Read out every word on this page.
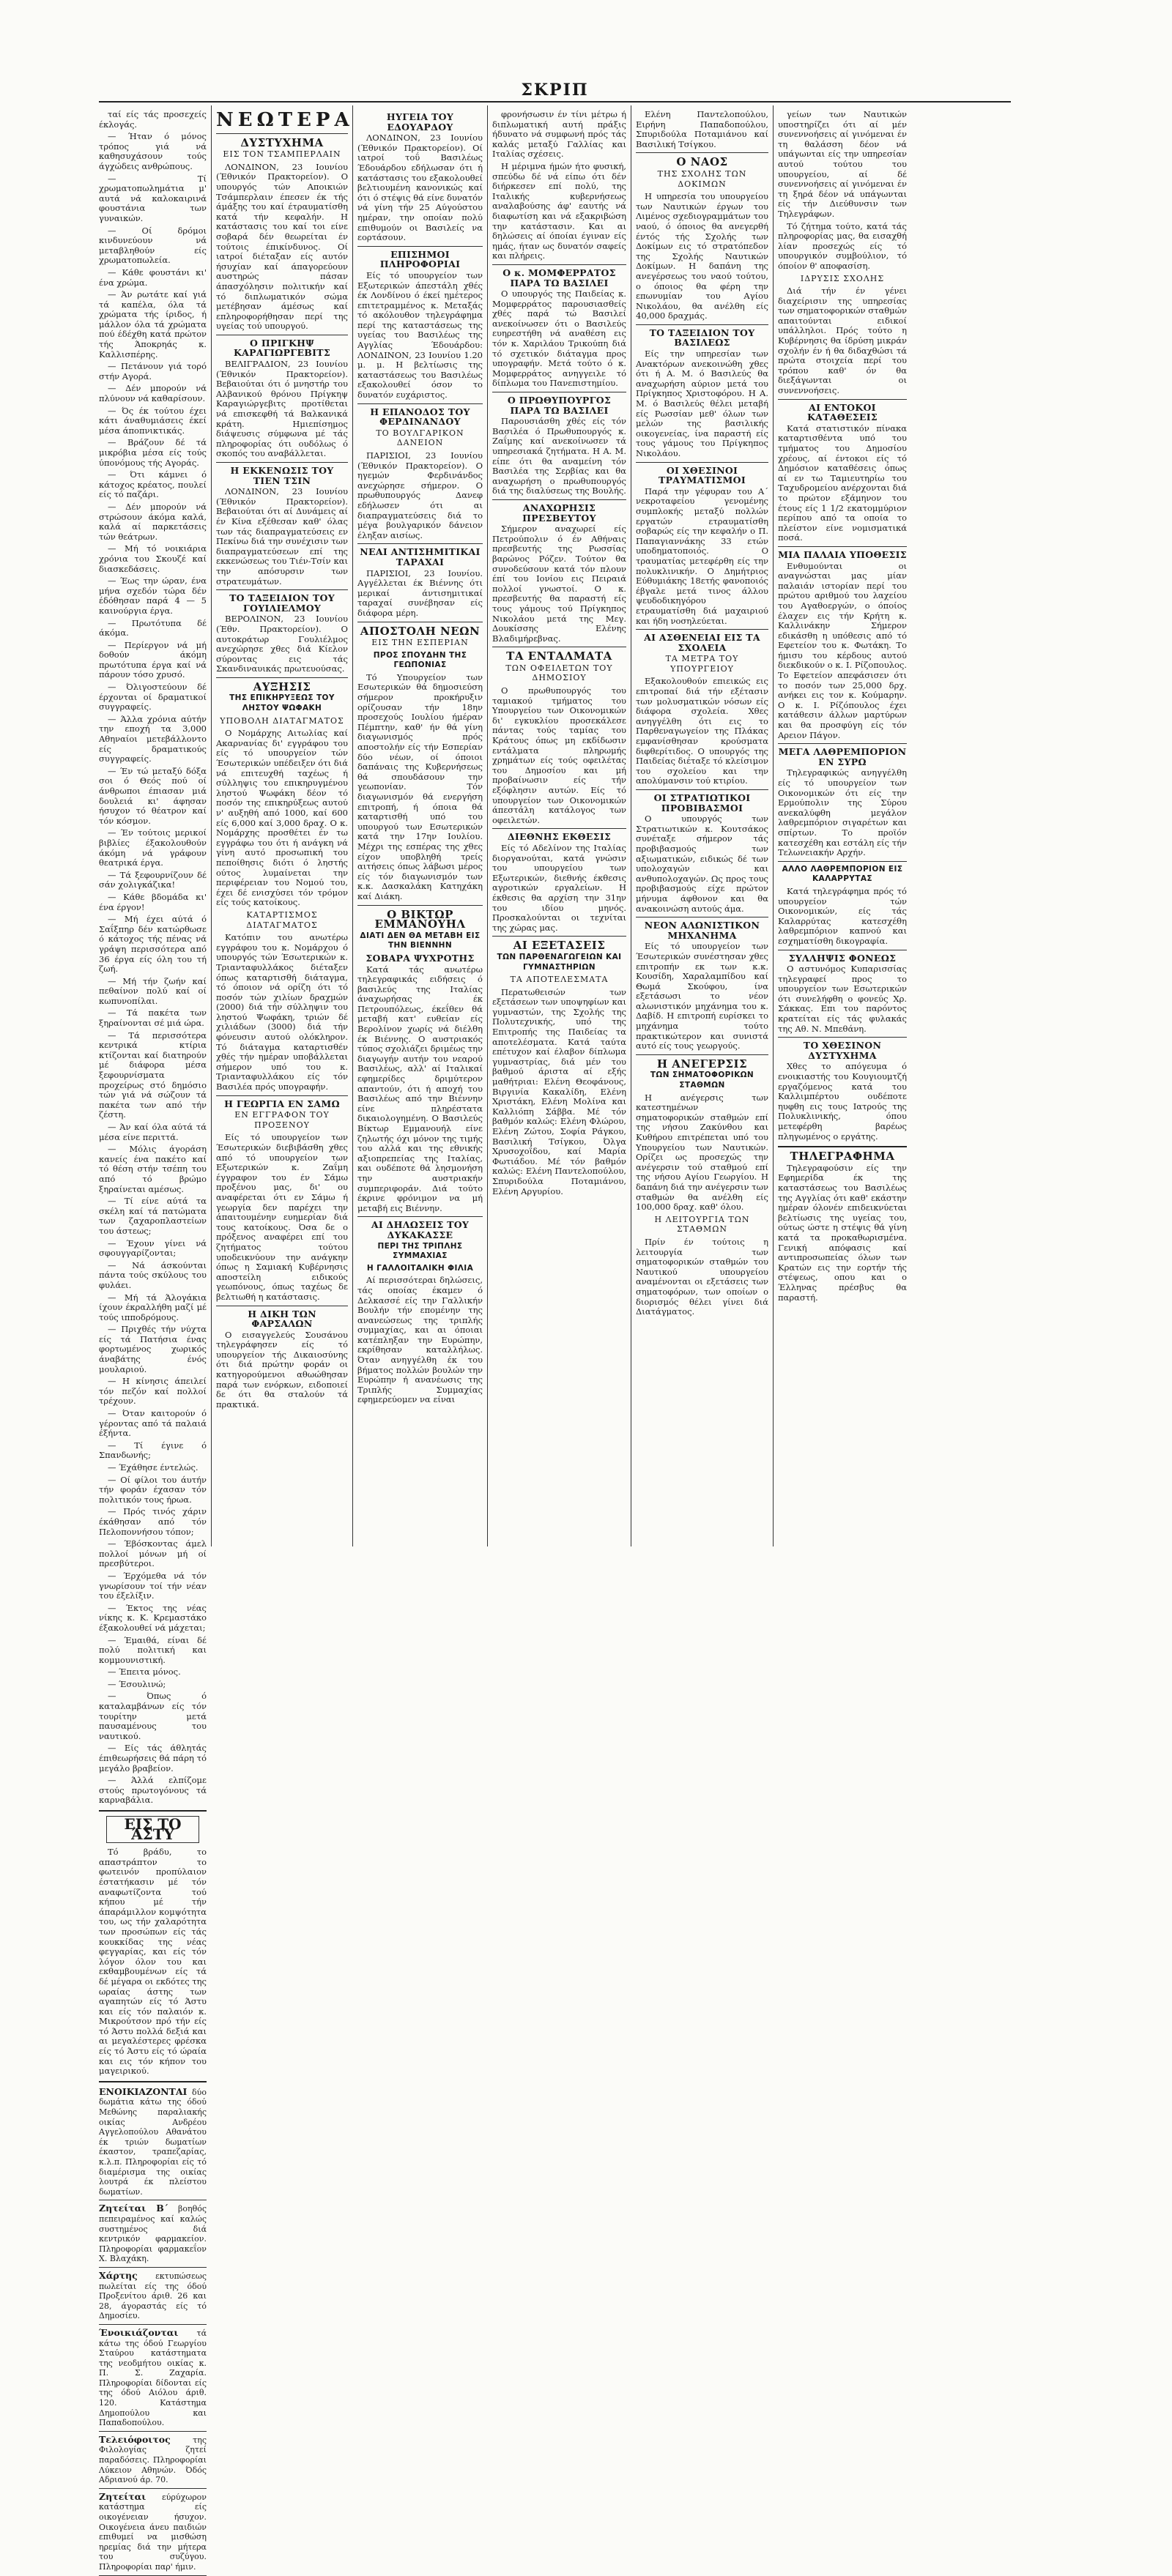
ΣΚΡΙΠ

ταί είς τάς προσεχείς έκλογάς.

— Ήταν ό μόνος τρόπος γιά νά καθησυχάσουν τούς άγχώδεις ανθρώπους.

— Τί χρωματοπωλημάτια μ' αυτά νά καλοκαιρινά φουστάνια των γυναικών.

— Οί δρόμοι κινδυνεύουν νά μεταβληθούν είς χρωματοπωλεία.

— Κάθε φουστάνι κι' ένα χρώμα.

— Άν ρωτάτε καί γιά τά καπέλα, όλα τά χρώματα τής ίριδος, ή μάλλον όλα τά χρώματα πού έδέχθη κατά πρώτον τής Άποκρηάς κ. Καλλισπέρης.

— Πετάνουν γιά τορό στήν Αγορά.

— Δέν μπορούν νά πλύνουν νά καθαρίσουν.

— Ός έκ τούτου έχει κάτι άναθυμιάσεις έκεί μέσα άποπνικτικάς.

— Βράζουν δέ τά μικρόβια μέσα είς τούς ύπονόμους τής Αγοράς.

— Ότι κάμνει ό κάτοχος κρέατος, πουλεί είς τό παζάρι.

— Δέν μπορούν νά στρώσουν άκόμα καλά, καλά αί παρκετάσεις τών θεάτρων.

— Μή τό νοικιάρια χρόνια του Σκουζέ καί διασκεδάσεις.

— Έως την ώραν, ένα μήνα σχεδόν τώρα δέν έδόθησαν παρά 4 — 5 καινούργια έργα.

— Πρωτότυπα δέ άκόμα.

— Περίεργον νά μή δοθούν άκόμη πρωτότυπα έργα καί νά πάρουν τόσο χρυσό.

— Όλιγοστεύουν δέ έρχονται οί δραματικοί συγγραφείς.

— Άλλα χρόνια αύτήν την εποχή τα 3,000 Αθηναίοι μετεβάλλοντο είς δραματικούς συγγραφείς.

— Έν τώ μεταξύ δόξα σοι ό Θεός πού οί άνθρωποι έπιασαν μιά δουλειά κι' άφησαν ήσυχον τό θέατρον καί τόν κόσμον.

— Έν τούτοις μερικοί βιβλίες έξακολουθούν άκόμη νά γράφουν θεατρικά έργα.

— Τά ξεφουρνίζουν δέ σάν χολιγκάζικα!

— Κάθε βδομάδα κι' ένα έργον!

— Μή έχει αύτά ό Σαΐξπηρ δέν κατώρθωσε ό κάτοχος τής πένας νά γράψη περισσότερα από 36 έργα είς όλη του τή ζωή.

— Μή τήν ζωήν καί πεθαίνον πολύ καί οί κωπυνοπίλαι.

— Τά πακέτα των ξηραίνονται σέ μιά ώρα.

— Τά περισσότερα κεντρικά κτίρια κτίζονται καί διατηρούν μέ διάφορα μέσα ξεφουρνίσματα προχείρως στό δημόσιο τών γιά νά σώζουν τά πακέτα των από τήν ζέστη.

— Άν καί όλα αύτά τά μέσα είνε περιττά.

— Μόλις άγοράση κανείς ένα πακέτο καί τό θέση στήν τσέπη του από τό βρώμο ξηραίνεται αμέσως.

— Τί είνε αύτά τα σκέλη καί τά πατώματα των ζαχαροπλαστείων του άστεως;

— Έχουν γίνει νά σφουγγαρίζονται;

— Νά άσκούνται πάντα τούς σκύλους του φυλάει.

— Μή τά Άλογάκια ίχουν έκραλλήθη μαζί μέ τούς ιπποδρόμους.

— Πριχθές τήν νύχτα είς τά Πατήσια ένας φορτωμένος χωρικός άναβάτης ένός μουλαριού.

— Η κίνησις άπειλεί τόν πεζόν καί πολλοί τρέχουν.

— Όταν καιτορούν ό γέροντας από τά παλαιά έξήντα.

— Τί έγινε ό Σπανδωνής;

— Έχάθησε έντελώς.

— Οί φίλοι του άυτήν τήν φοράν έχασαν τόν πολιτικόν τους ήρωα.

— Πρός τινός χάριν έκάθησαν από τόν Πελοποννήσου τόπον;

— Έβόσκοντας άμελ πολλοί μόνων μή οί πρεσβύτεροι.

— Έρχόμεθα νά τόν γνωρίσουν τοί τήν νέαν του έξελίξιν.

— Έκτος της νέας νίκης κ. Κ. Κρεμαστάκο έξακολουθεί νά μάχεται;

— Έμαιθά, είναι δέ πολύ πολιτική και κομμουνιστική.

— Έπειτα μόνος.

— Έσουλινώ;

— Όπως ό καταλαμβάνων είς τόν τουρίτην μετά παυσαμένους του ναυτικού.

— Είς τάς άθλητάς έπιθεωρήσεις θά πάρη τό μεγάλο βραβείον.

— Άλλά ελπίζομε στούς πρωτογόνους τά καρναβάλια.

ΕΙΣ ΤΟ ΆΣΤΥ

Τό βράδυ, το απαστράπτον το φωτεινόν προπύλαιον έστατήκασιν μέ τόν αναφωτίζοντα τού κήπου μέ τήν άπαράμιλλον κομψότητα του, ως τήν χαλαρότητα των προσώπων είς τάς κουκκίδας της νέας φεγγαρίας, και είς τόν λόγον όλον του και εκθαμβουμένων είς τά δέ μέγαρα οι εκδότες της ωραίας άστης των αγαπητών είς τό Άστυ και είς τόν παλαιόν κ. Μικρούτσον πρό τήν είς τό Άστυ πολλά δεξιά και αι μεγαλέστερες φρέσκα είς τό Άστυ είς τό ώραία και εις τόν κήπον του μαγειρικού.

ΕΝΟΙΚΙΑΖΟΝΤΑΙ δύο δωμάτια κάτω της όδού Μεθώνης παραλιακής οικίας Ανδρέου Αγγελοπούλου Αθανάτου έκ τριών δωματίων έκαστον, τραπεζαρίας, κ.λ.π. Πληροφορίαι είς τό διαμέρισμα της οικίας λουτρά έκ πλείστου δωματίων.
Ζητείται Β΄ βοηθός πεπειραμένος καί καλώς συστημένος διά κεντρικόν φαρμακείον. Πληροφορίαι φαρμακεΐον Χ. Βλαχάκη.
Χάρτης εκτυπώσεως πωλείται είς της όδού Προξενίτου άριθ. 26 και 28, άγοραστάς είς τό Δημοσίευ.
Ένοικιάζονται τά κάτω της όδού Γεωργίου Σταύρου κατάστηματα της νεοδμήτου οικίας κ. Π. Σ. Ζαχαρία. Πληροφορίαι δίδονται είς της όδού Αιόλου άριθ. 120. Κατάστημα Δημοπούλου και Παπαδοπούλου.
Τελειόφοιτος της Φιλολογίας ζητεί παραδόσεις. Πληροφορίαι Λύκειον Αθηνών. Όδός Αδριανού άρ. 70.
Ζητείται εύρύχωρον κατάστημα είς οικογένειαν ήσυχον. Οικογένεια άνευ παιδιών επιθυμεί να μισθώση ηρεμίας διά την μήτερα του συζύγου. Πληροφορίαι παρ' ήμιν.
ΝΕΩΤΕΡΑ
ΔΥΣΤΥΧΗΜΑ
ΕΙΣ ΤΟΝ ΤΣΑΜΠΕΡΛΑΙΝ

ΛΟΝΔΙΝΟΝ, 23 Ιουνίου (Έθνικόν Πρακτορείον). Ο υπουργός τών Αποικιών Τσάμπερλαιν έπεσεν έκ τής άμάξης του καί έτραυματίσθη κατά τήν κεφαλήν. Η κατάστασις του καί τοι είνε σοβαρά δέν θεωρείται έν τούτοις έπικίνδυνος. Οί ιατροί διέταξαν είς αυτόν ήσυχίαν καί άπαγορεύουν αυστηρώς πάσαν άπασχόλησιν πολιτικήν καί τό διπλωματικόν σώμα μετέβησαν άμέσως καί επληροφορήθησαν περί της υγείας τού υπουργού.

Ο ΠΡΙΓΚΗΨ ΚΑΡΑΓΙΩΡΓΕΒΙΤΣ

ΒΕΛΙΓΡΑΔΙΟΝ, 23 Ιουνίου (Έθνικόν Πρακτορείον). Βεβαιούται ότι ό μνηστήρ του Αλβανικού θρόνου Πρίγκηψ Καραγιώργεβιτς προτίθεται νά επισκεφθή τά Βαλκανικά κράτη. Ημιεπίσημος διάψευσις σύμφωνα μέ τάς πληροφορίας ότι ουδόλως ό σκοπός του αναβάλλεται.

Η ΕΚΚΕΝΩΣΙΣ ΤΟΥ ΤΙΕΝ ΤΣΙΝ

ΛΟΝΔΙΝΟΝ, 23 Ιουνίου (Έθνικόν Πρακτορείον). Βεβαιούται ότι αί Δυνάμεις αί έν Κίνα εξέθεσαν καθ' όλας των τάς διαπραγματεύσεις εν Πεκίνω διά την συνέχισιν των διαπραγματεύσεων επί της εκκενώσεως του Τιέν-Τσίν και την απόσυρσιν των στρατευμάτων.

ΤΟ ΤΑΞΕΙΔΙΟΝ ΤΟΥ ΓΟΥΙΛΙΕΛΜΟΥ

ΒΕΡΟΛΙΝΟΝ, 23 Ιουνίου (Έθν. Πρακτορείον). Ο αυτοκράτωρ Γουλιέλμος ανεχώρησε χθες διά Κίελον σύροντας εις τάς Σκανδιναυικάς πρωτευούσας.

ΑΥΞΗΣΙΣ
ΤΗΣ ΕΠΙΚΗΡΥΞΕΩΣ ΤΟΥ ΛΗΣΤΟΥ ΨΩΦΑΚΗ
ΥΠΟΒΟΛΗ ΔΙΑΤΑΓΜΑΤΟΣ

Ο Νομάρχης Αιτωλίας καί Ακαρνανίας δι' εγγράφου του είς τό υπουργείον τών Έσωτερικών υπέδειξεν ότι διά νά επιτευχθή ταχέως ή σύλληψις του επικηρυγμένου ληστού Ψωφάκη δέον τό ποσόν της επικηρύξεως αυτού ν' αυξηθή από 1000, καί 600 είς 6,000 καί 3,000 δραχ. Ο κ. Νομάρχης προσθέτει έν τω εγγράφω του ότι ή ανάγκη νά γίνη αυτό προσωπική του πεποίθησις διότι ό ληστής ούτος λυμαίνεται την περιφέρειαν του Νομού του, έχει δέ ενισχύσει τόν τρόμον είς τούς κατοίκους.

ΚΑΤΑΡΤΙΣΜΟΣ ΔΙΑΤΑΓΜΑΤΟΣ

Κατόπιν του ανωτέρω εγγράφου του κ. Νομάρχου ό υπουργός τών Έσωτερικών κ. Τριανταφυλλάκος διέταξεν όπως καταρτισθή διάταγμα, τό όποιον νά ορίζη ότι τό ποσόν τών χιλίων δραχμών (2000) διά τήν σύλληψιν του ληστού Ψωφάκη, τριών δέ χιλιάδων (3000) διά τήν φόνευσιν αυτού ολόκληρον. Τό διάταγμα καταρτισθέν χθές τήν ημέραν υποβάλλεται σήμερον υπό του κ. Τριανταφυλλάκου είς τόν Βασιλέα πρός υπογραφήν.

Η ΓΕΩΡΓΙΑ ΕΝ ΣΑΜΩ
ΕΝ ΕΓΓΡΑΦΟΝ ΤΟΥ ΠΡΟΞΕΝΟΥ

Είς τό υπουργείον των Έσωτερικών διεβιβάσθη χθες από τό υπουργείον των Εξωτερικών κ. Ζαΐμη έγγραφον του έν Σάμω προξένου μας, δι' ου αναφέρεται ότι εν Σάμω ή γεωργία δεν παρέχει την άπαιτουμένην ευημερίαν διά τους κατοίκους. Όσα δε ο πρόξενος αναφέρει επί του ζητήματος τούτου υποδεικνύουν την ανάγκην όπως η Σαμιακή Κυβέρνησις αποστείλη ειδικούς γεωπόνους, όπως ταχέως δε βελτιωθή η κατάστασις.

Η ΔΙΚΗ ΤΩΝ ΦΑΡΣΑΛΩΝ

Ο εισαγγελεύς Σουσάνου τηλεγράφησεν είς τό υπουργείον τής Δικαιοσύνης ότι διά πρώτην φοράν οι κατηγορούμενοι αθωώθησαν παρά των ενόρκων, ειδοποιεί δε ότι θα σταλούν τά πρακτικά.

ΗΥΓΕΙΑ ΤΟΥ ΕΔΟΥΑΡΔΟΥ

ΛΟΝΔΙΝΟΝ, 23 Ιουνίου (Έθνικόν Πρακτορείον). Οί ιατροί τοΰ Βασιλέως Έδουάρδου εδήλωσαν ότι ή κατάστασις του εξακολουθεί βελτιουμένη κανονικώς καί ότι ό στέψις θά είνε δυνατόν νά γίνη τήν 25 Αύγούστου ημέραν, την οποίαν πολύ επιθυμούν οι Βασιλείς να εορτάσουν.

ΕΠΙΣΗΜΟΙ ΠΛΗΡΟΦΟΡΙΑΙ

Είς τό υπουργείον των Εξωτερικών άπεστάλη χθές έκ Λονδίνου ό έκεί ημέτερος επιτετραμμένος κ. Μεταξάς τό ακόλουθον τηλεγράφημα περί της καταστάσεως της υγείας του Βασιλέως της Αγγλίας Έδουάρδου: ΛΟΝΔΙΝΟΝ, 23 Ιουνίου 1.20 μ. μ. Η βελτίωσις της καταστάσεως του Βασιλέως εξακολουθεί όσον το δυνατόν ευχάριστος.

Η ΕΠΑΝΟΔΟΣ ΤΟΥ ΦΕΡΔΙΝΑΝΔΟΥ
ΤΟ ΒΟΥΛΓΑΡΙΚΟΝ ΔΑΝΕΙΟΝ

ΠΑΡΙΣΙΟΙ, 23 Ιουνίου (Έθνικόν Πρακτορείον). Ο ηγεμών Φερδινάνδος ανεχώρησε σήμερον. Ο πρωθυπουργός Δανεφ εδήλωσεν ότι αι διαπραγματεύσεις διά το μέγα βουλγαρικόν δάνειον έληξαν αισίως.

ΝΕΑΙ ΑΝΤΙΣΗΜΙΤΙΚΑΙ ΤΑΡΑΧΑΙ

ΠΑΡΙΣΙΟΙ, 23 Ιουνίου. Αγγέλλεται έκ Βιέννης ότι μερικαί άντισημιτικαί ταραχαί συνέβησαν είς διάφορα μέρη.

ΑΠΟΣΤΟΛΗ ΝΕΩΝ
ΕΙΣ ΤΗΝ ΕΣΠΕΡΙΑΝ
ΠΡΟΣ ΣΠΟΥΔΗΝ ΤΗΣ ΓΕΩΠΟΝΙΑΣ

Τό Υπουργείον των Εσωτερικών θά δημοσιεύση σήμερον προκήρυξιν ορίζουσαν τήν 18ην προσεχούς Ιουλίου ήμέραν Πέμπτην, καθ' ήν θά γίνη διαγωνισμός πρός αποστολήν είς τήν Εσπερίαν δύο νέων, οί όποιοι δαπάναις της Κυβερνήσεως θά σπουδάσουν την γεωπονίαν. Τόν διαγωνισμόν θά ενεργήση επιτροπή, ή όποια θά καταρτισθή υπό του υπουργού των Εσωτερικών κατά την 17ην Ιουλίου. Μέχρι της εσπέρας της χθες είχον υποβληθή τρείς αιτήσεις όπως λάβωσι μέρος είς τόν διαγωνισμόν των κ.κ. Δασκαλάκη Κατηχάκη καί Διάκη.

Ο ΒΙΚΤΩΡ ΕΜΜΑΝΟΥΗΛ
ΔΙΑΤΙ ΔΕΝ ΘΑ ΜΕΤΑΒΗ ΕΙΣ ΤΗΝ ΒΙΕΝΝΗΝ
ΣΟΒΑΡΑ ΨΥΧΡΟΤΗΣ

Κατά τάς ανωτέρω τηλεγραφικάς ειδήσεις ό βασιλεύς της Ιταλίας άναχωρήσας έκ Πετρουπόλεως, έκεΐθεν θά μεταβή κατ' ευθείαν είς Βερολίνον χωρίς νά διέλθη έκ Βιέννης. Ο αυστριακός τύπος σχολιάζει δριμέως την διαγωγήν αυτήν του νεαρού Βασιλέως, αλλ' αί Ιταλικαί εφημερίδες δριμύτερον απαντούν, ότι ή αποχή του Βασιλέως από την Βιέννην είνε πληρέστατα δικαιολογημένη. Ο Βασιλεύς Βίκτωρ Εμμανουήλ είνε ζηλωτής όχι μόνον της τιμής του αλλά και της εθνικής αξιοπρεπείας της Ιταλίας, και ουδέποτε θά λησμονήση την αυστριακήν συμπεριφοράν. Διά τούτο έκρινε φρόνιμον να μή μεταβή εις Βιέννην.

ΑΙ ΔΗΛΩΣΕΙΣ ΤΟΥ ΔΥΚΑΚΑΣΣΕ
ΠΕΡΙ ΤΗΣ ΤΡΙΠΛΗΣ ΣΥΜΜΑΧΙΑΣ
Η ΓΑΛΛΟΙΤΑΛΙΚΗ ΦΙΛΙΑ

Αί περισσότεραι δηλώσεις, τάς οποίας έκαμεν ό Δελκασσέ είς την Γαλλικήν Βουλήν τήν επομένην της ανανεώσεως της τριπλής συμμαχίας, και αι όποιαι κατέπληξαν την Ευρώπην, εκρίθησαν καταλλήλως. Όταν ανηγγέλθη έκ του βήματος πολλών βουλών την Ευρώπην ή ανανέωσις της Τριπλής Συμμαχίας εφημερεύομεν να είναι

φρονήσωσιν έν τίνι μέτρω ή διπλωματική αυτή πράξις ήδυνατο νά συμφωνή πρός τάς καλάς μεταξύ Γαλλίας και Ιταλίας σχέσεις.

Η μέριμνα ήμών ήτο φυσική, σπεύδω δέ νά είπω ότι δέν διήρκεσεν επί πολύ, της Ιταλικής κυβερνήσεως αναλαβούσης άφ' εαυτής νά διαφωτίση και νά εξακριβώση την κατάστασιν. Και αι δηλώσεις αί όποίαι έγιναν είς ημάς, ήταν ως δυνατόν σαφείς και πλήρεις.

Ο κ. ΜΟΜΦΕΡΡΑΤΟΣ ΠΑΡΑ ΤΩ ΒΑΣΙΛΕΙ

Ο υπουργός της Παιδείας κ. Μομφερράτος παρουσιασθείς χθές παρά τώ Βασιλεί ανεκοίνωσεν ότι ο Βασιλεύς ευηρεστήθη νά αναθέση εις τόν κ. Χαριλάου Τρικούπη διά τό σχετικόν διάταγμα προς υπογραφήν. Μετά τούτο ό κ. Μομφερράτος ανηγγειλε τό δίπλωμα του Πανεπιστημίου.

Ο ΠΡΩΘΥΠΟΥΡΓΟΣ ΠΑΡΑ ΤΩ ΒΑΣΙΛΕΙ

Παρουσιάσθη χθές είς τόν Βασιλέα ό Πρωθυπουργός κ. Ζαΐμης καί ανεκοίνωσεν τά υπηρεσιακά ζητήματα. Η Α. Μ. είπε ότι θα αναμείνη τόν Βασιλέα της Σερβίας και θα αναχωρήση ο πρωθυπουργός διά της διαλύσεως της Βουλής.

ΑΝΑΧΩΡΗΣΙΣ ΠΡΕΣΒΕΥΤΟΥ

Σήμερον αναχωρεί είς Πετρούπολιν ό έν Αθήναις πρεσβευτής της Ρωσσίας βαρώνος Ρόζεν. Τούτον θα συνοδεύσουν κατά τόν πλουν έπί του Ιονίου εις Πειραιά πολλοί γνωστοί. Ο κ. πρεσβευτής θα παραστή είς τους γάμους τού Πρίγκηπος Νικολάου μετά της Μεγ. Δουκίσσης Ελένης Βλαδιμήρεβνας.

ΤΑ ΕΝΤΑΛΜΑΤΑ
ΤΩΝ ΟΦΕΙΛΕΤΩΝ ΤΟΥ ΔΗΜΟΣΙΟΥ

Ο πρωθυπουργός του ταμιακού τμήματος του Υπουργείου των Οικονομικών δι' εγκυκλίου προσεκάλεσε πάντας τούς ταμίας του Κράτους όπως μη εκδίδωσιν εντάλματα πληρωμής χρημάτων είς τούς οφειλέτας του Δημοσίου και μή προβαίνωσιν είς τήν εξόφλησιν αυτών. Είς τό υπουργείον των Οικονομικών άπεστάλη κατάλογος των οφειλετών.

ΔΙΕΘΝΗΣ ΕΚΘΕΣΙΣ

Είς τό Αδελίνον της Ιταλίας διοργανούται, κατά γνώσιν του υπουργείου των Εξωτερικών, διεθνής έκθεσις αγροτικών εργαλείων. Η έκθεσις θα αρχίση την 31ην του ιδίου μηνός. Προσκαλούνται οι τεχνίται της χώρας μας.

ΑΙ ΕΞΕΤΑΣΕΙΣ
ΤΩΝ ΠΑΡΘΕΝΑΓΩΓΕΙΩΝ ΚΑΙ ΓΥΜΝΑΣΤΗΡΙΩΝ
ΤΑ ΑΠΟΤΕΛΕΣΜΑΤΑ

Περατωθεισών των εξετάσεων των υποψηφίων και γυμναστών, της Σχολής της Πολυτεχνικής, υπό της Επιτροπής της Παιδείας τα αποτελέσματα. Κατά ταύτα επέτυχον καί έλαβον δίπλωμα γυμναστρίας, διά μέν του βαθμού άριστα αί εξής μαθήτριαι: Ελένη Θεοφάνους, Βιργινία Κακαλίδη, Ελένη Χριστάκη, Ελένη Μολίνα και Καλλιόπη Σάββα. Μέ τόν βαθμόν καλώς: Ελένη Φλώρου, Ελένη Ζώτου, Σοφία Ράγκου, Βασιλική Τσίγκου, Όλγα Χρυσοχοΐδου, καί Μαρία Φωτιάδου. Μέ τόν βαθμόν καλώς: Ελένη Παντελοπούλου, Σπυριδούλα Ποταμιάνου, Ελένη Αργυρίου.

Ελένη Παντελοπούλου, Ειρήνη Παπαδοπούλου, Σπυριδούλα Ποταμιάνου καί Βασιλική Τσίγκου.

Ο ΝΑΟΣ
ΤΗΣ ΣΧΟΛΗΣ ΤΩΝ ΔΟΚΙΜΩΝ

Η υπηρεσία του υπουργείου των Ναυτικών έργων του Λιμένος σχεδιογραμμάτων του ναού, ό όποιος θα ανεγερθή έντός τής Σχολής των Δοκίμων εις τό στρατόπεδον της Σχολής Ναυτικών Δοκίμων. Η δαπάνη της ανεγέρσεως του ναού τούτου, ο όποιος θα φέρη την επωνυμίαν του Αγίου Νικολάου, θα ανέλθη είς 40,000 δραχμάς.

ΤΟ ΤΑΞΕΙΔΙΟΝ ΤΟΥ ΒΑΣΙΛΕΩΣ

Είς την υπηρεσίαν των Ανακτόρων ανεκοινώθη χθες ότι ή Α. Μ. ό Βασιλεύς θα αναχωρήση αύριον μετά του Πρίγκηπος Χριστοφόρου. Η Α. Μ. ό Βασιλεύς θέλει μεταβή είς Ρωσσίαν μεθ' όλων των μελών της βασιλικής οικογενείας, ίνα παραστή είς τους γάμους του Πρίγκηπος Νικολάου.

ΟΙ ΧΘΕΣΙΝΟΙ ΤΡΑΥΜΑΤΙΣΜΟΙ

Παρά την γέφυραν του Α΄ νεκροταφείου γενομένης συμπλοκής μεταξύ πολλών εργατών ετραυματίσθη σοβαρώς είς την κεφαλήν ο Π. Παπαγιαννάκης 33 ετών υποδηματοποιός. Ο τραυματίας μετεφέρθη είς την πολυκλινικήν. Ο Δημήτριος Εύθυμιάκης 18ετής φανοποιός έβγαλε μετά τινος άλλου ψευδοδικηγόρου ετραυματίσθη διά μαχαιριού και ήδη νοσηλεύεται.

ΑΙ ΑΣΘΕΝΕΙΑΙ ΕΙΣ ΤΑ ΣΧΟΛΕΙΑ
ΤΑ ΜΕΤΡΑ ΤΟΥ ΥΠΟΥΡΓΕΙΟΥ

Εξακολουθούν επιεικώς εις επιτροπαί διά τήν εξέτασιν των μολυσματικών νόσων είς διάφορα σχολεία. Χθες ανηγγέλθη ότι εις το Παρθεναγωγείον της Πλάκας εμφανίσθησαν κρούσματα διφθερίτιδος. Ο υπουργός της Παιδείας διέταξε τό κλείσιμον του σχολείου και την απολύμανσιν τού κτιρίου.

ΟΙ ΣΤΡΑΤΙΩΤΙΚΟΙ ΠΡΟΒΙΒΑΣΜΟΙ

Ο υπουργός των Στρατιωτικών κ. Κουτσάκος συνέταξε σήμερον τάς προβιβασμούς των αξιωματικών, ειδικώς δέ των υπολοχαγών και ανθυπολοχαγών. Ως προς τους προβιβασμούς είχε πρώτον μήνυμα άφθονον και θα ανακοινώση αυτούς άμα.

ΝΕΟΝ ΑΛΩΝΙΣΤΙΚΟΝ ΜΗΧΑΝΗΜΑ

Είς τό υπουργείον των Έσωτερικών συνέστησαν χθες επιτροπήν εκ των κ.κ. Κουσίδη, Χαραλαμπίδου καί Θωμά Σκούφου, ίνα εξετάσωσι το νέον αλωνιστικόν μηχάνημα του κ. Δαβίδ. Η επιτροπή ευρίσκει το μηχάνημα τούτο πρακτικώτερον και συνιστά αυτό είς τους γεωργούς.

Η ΑΝΕΓΕΡΣΙΣ
ΤΩΝ ΣΗΜΑΤΟΦΟΡΙΚΩΝ ΣΤΑΘΜΩΝ

Η ανέγερσις των κατεστημένων σηματοφορικών σταθμών επί της νήσου Ζακύνθου και Κυθήρου επιτρέπεται υπό του Υπουργείου των Ναυτικών. Ορίζει ως προσεχώς την ανέγερσιν τού σταθμού επί της νήσου Αγίου Γεωργίου. Η δαπάνη διά την ανέγερσιν των σταθμών θα ανέλθη είς 100,000 δραχ. καθ' όλου.

Η ΛΕΙΤΟΥΡΓΙΑ ΤΩΝ ΣΤΑΘΜΩΝ

Πρίν έν τούτοις η λειτουργία των σηματοφορικών σταθμών του Ναυτικού υπουργείου αναμένονται οι εξετάσεις των σηματοφόρων, των οποίων ο διορισμός θέλει γίνει διά Διατάγματος.

γείων των Ναυτικών υποστηρίζει ότι αί μέν συνεννοήσεις αί γινόμεναι έν τη θαλάσση δέον νά υπάγωνται είς την υπηρεσίαν αυτού τούτου του υπουργείου, αί δέ συνεννοήσεις αί γινόμεναι έν τη ξηρά δέον νά υπάγωνται είς τήν Διεύθυνσιν των Τηλεγράφων.

Τό ζήτημα τούτο, κατά τάς πληροφορίας μας, θα εισαχθή λίαν προσεχώς είς τό υπουργικόν συμβούλιον, τό όποίον θ' αποφασίση.

ΙΔΡΥΣΙΣ ΣΧΟΛΗΣ

Διά τήν έν γένει διαχείρισιν της υπηρεσίας των σηματοφορικών σταθμών απαιτούνται ειδικοί υπάλληλοι. Πρός τούτο η Κυβέρνησις θα ίδρύση μικράν σχολήν έν ή θα διδαχθώσι τά πρώτα στοιχεία περί του τρόπου καθ' όν θα διεξάγωνται οι συνεννοήσεις.

ΑΙ ΕΝΤΟΚΟΙ ΚΑΤΑΘΕΣΕΙΣ

Κατά στατιστικόν πίνακα καταρτισθέντα υπό του τμήματος του Δημοσίου χρέους, αί έντοκοι είς τό Δημόσιον καταθέσεις όπως αί εν τω Ταμιευτηρίω του Ταχυδρομείου ανέρχονται διά το πρώτον εξάμηνον του έτους είς 1 1/2 εκατομμύριον περίπου από τα οποία το πλείστον είνε νομισματικά ποσά.

ΜΙΑ ΠΑΛΑΙΑ ΥΠΟΘΕΣΙΣ

Ενθυμούνται οι αναγνώσται μας μίαν παλαιάν ιστορίαν περί του πρώτου αριθμού του λαχείου του Αγαθοεργών, ο όποίος έλαχεν εις τήν Κρήτη κ. Καλλινάκην Σήμερον εδικάσθη η υπόθεσις από τό Εφετείον του κ. Φωτάκη. Το ήμισυ του κέρδους αυτού διεκδικούν ο κ. Ι. Ρίζοπουλος. Το Εφετείον απεφάσισεν ότι το ποσόν των 25,000 δρχ. ανήκει εις τον κ. Κούμαρην. Ο κ. Ι. Ρίζόπουλος έχει κατάθεσιν άλλων μαρτύρων και θα προσφύγη είς τόν Αρειον Πάγον.

ΜΕΓΑ ΛΑΘΡΕΜΠΟΡΙΟΝ ΕΝ ΣΥΡΩ

Τηλεγραφικώς ανηγγέλθη είς τό υπουργείον των Οικονομικών ότι είς την Ερμούπολιν της Σύρου ανεκαλύφθη μεγάλον λαθρεμπόριον σιγαρέτων και σπίρτων. Το προϊόν κατεσχέθη και εστάλη είς τήν Τελωνειακήν Αρχήν.

ΑΛΛΟ ΛΑΘΡΕΜΠΟΡΙΟΝ ΕΙΣ ΚΑΛΑΡΡΥΤΑΣ

Κατά τηλεγράφημα πρός τό υπουργείον τών Οικονομικών, είς τάς Καλαρρύτας κατεσχέθη λαθρεμπόριον καπνού και εσχηματίσθη δικογραφία.

ΣΥΛΛΗΨΙΣ ΦΟΝΕΩΣ

Ο αστυνόμος Κυπαρισσίας τηλεγραφεί προς το υπουργείον των Εσωτερικών ότι συνελήφθη ο φονεύς Χρ. Σάκκας. Επι του παρόντος κρατείται είς τάς φυλακάς της Αθ. Ν. Μπεθάνη.

ΤΟ ΧΘΕΣΙΝΟΝ ΔΥΣΤΥΧΗΜΑ

Χθες το απόγευμα ό ενοικιαστής του Κουγιουμτζή εργαζόμενος κατά του Καλλιμπέρτου ουδέποτε ηυφθη εις τους Ιατρούς της Πολυκλινικής, όπου μετεφέρθη βαρέως πληγωμένος ο εργάτης.

ΤΗΛΕΓΡΑΦΗΜΑ

Τηλεγραφούσιν είς την Εφημερίδα έκ της καταστάσεως του Βασιλέως της Αγγλίας ότι καθ' εκάστην ημέραν όλονέν επιδεικνύεται βελτίωσις της υγείας του, ούτως ώστε η στέψις θά γίνη κατά τα προκαθωρισμένα. Γενική απόφασις καί αντιπροσωπείας όλων των Κρατών εις την εορτήν τής στέψεως, οπου και ο Έλληνας πρέσβυς θα παραστή.
